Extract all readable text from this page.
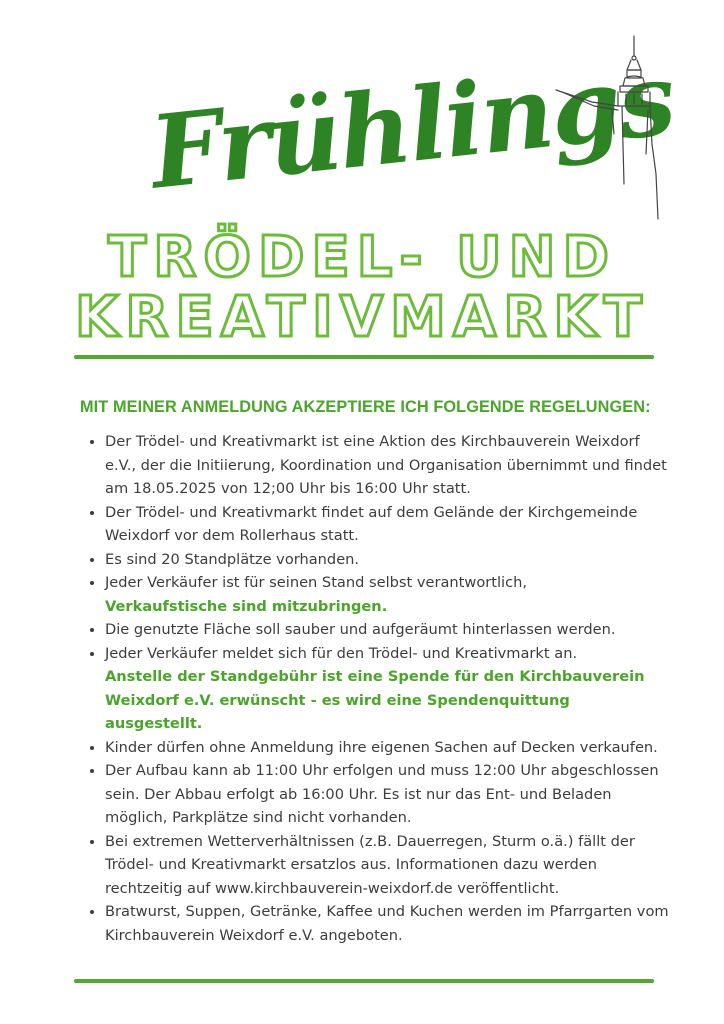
Frühlings
TRÖDEL- UND
KREATIVMARKT
MIT MEINER ANMELDUNG AKZEPTIERE ICH FOLGENDE REGELUNGEN:
• Der Trödel- und Kreativmarkt ist eine Aktion des Kirchbauverein Weixdorf e.V., der die Initiierung, Koordination und Organisation übernimmt und findet am 18.05.2025 von 12;00 Uhr bis 16:00 Uhr statt.
• Der Trödel- und Kreativmarkt findet auf dem Gelände der Kirchgemeinde Weixdorf vor dem Rollerhaus statt.
• Es sind 20 Standplätze vorhanden.
• Jeder Verkäufer ist für seinen Stand selbst verantwortlich,
Verkaufstische sind mitzubringen.
• Die genutzte Fläche soll sauber und aufgeräumt hinterlassen werden.
• Jeder Verkäufer meldet sich für den Trödel- und Kreativmarkt an.
Anstelle der Standgebühr ist eine Spende für den Kirchbauverein Weixdorf e.V. erwünscht - es wird eine Spendenquittung ausgestellt.
• Kinder dürfen ohne Anmeldung ihre eigenen Sachen auf Decken verkaufen.
• Der Aufbau kann ab 11:00 Uhr erfolgen und muss 12:00 Uhr abgeschlossen sein. Der Abbau erfolgt ab 16:00 Uhr. Es ist nur das Ent- und Beladen möglich, Parkplätze sind nicht vorhanden.
• Bei extremen Wetterverhältnissen (z.B. Dauerregen, Sturm o.ä.) fällt der Trödel- und Kreativmarkt ersatzlos aus. Informationen dazu werden rechtzeitig auf www.kirchbauverein-weixdorf.de veröffentlicht.
• Bratwurst, Suppen, Getränke, Kaffee und Kuchen werden im Pfarrgarten vom Kirchbauverein Weixdorf e.V. angeboten.
